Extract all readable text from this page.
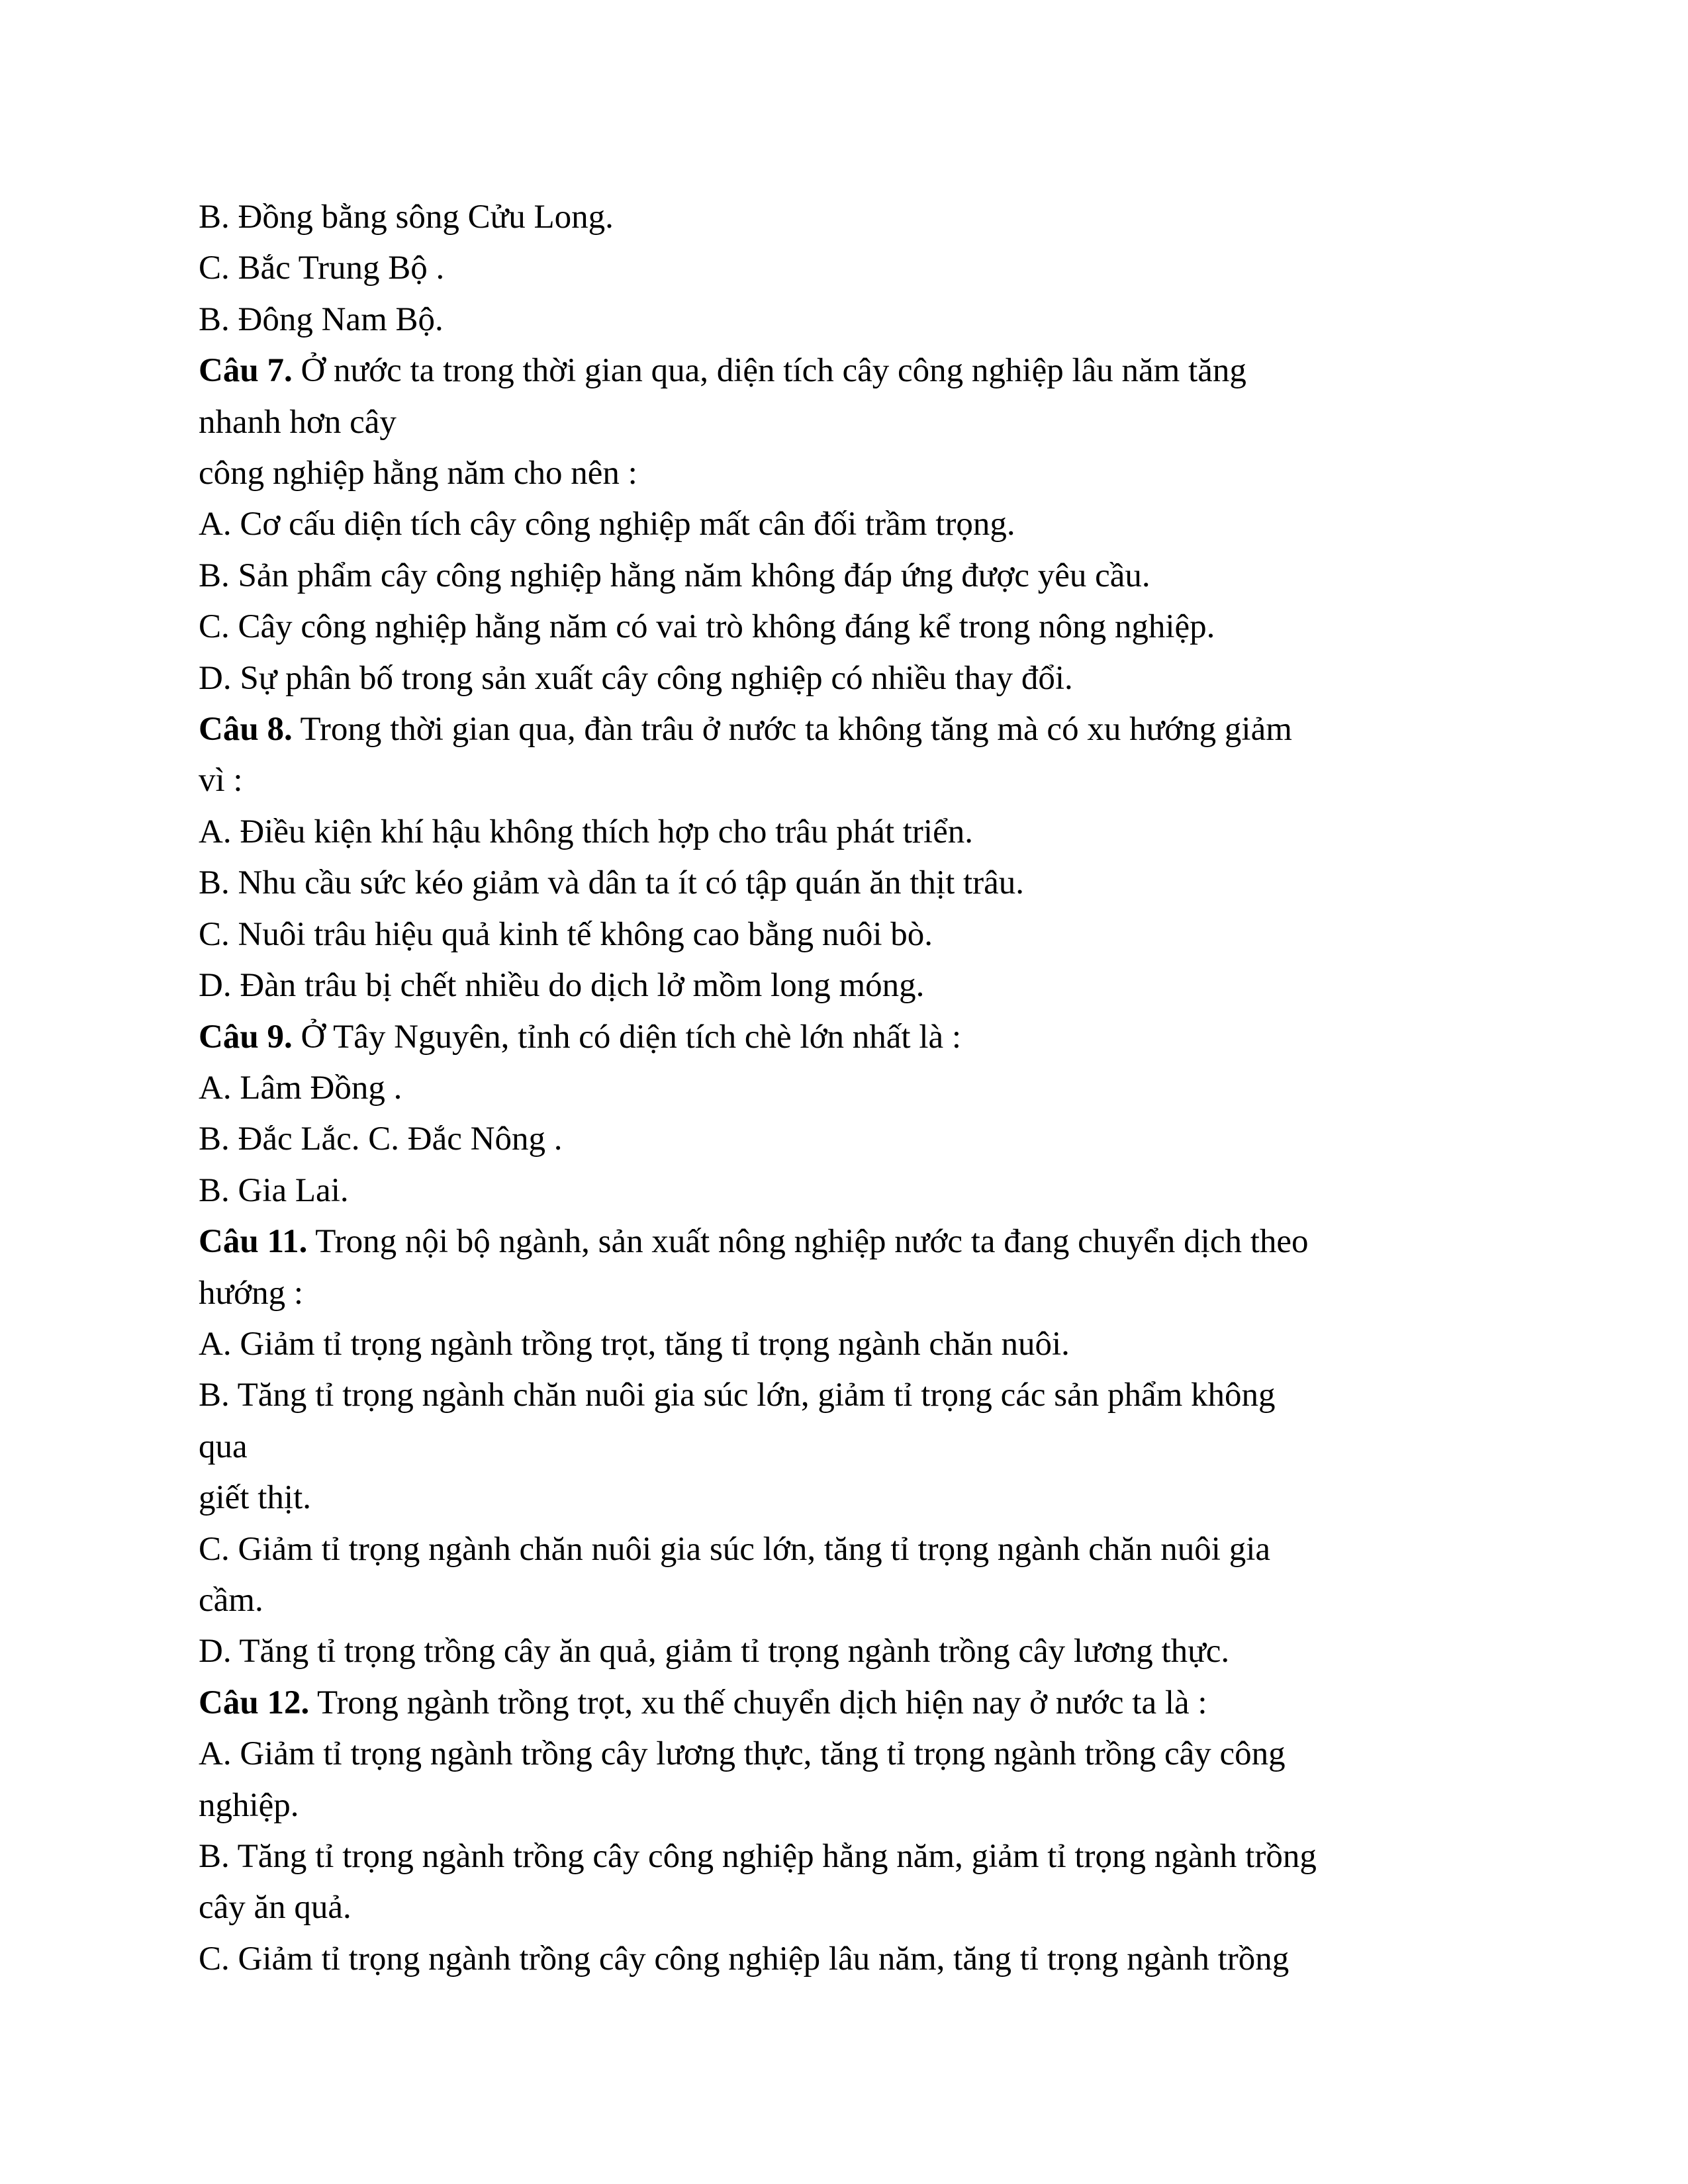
B. Đồng bằng sông Cửu Long.
C. Bắc Trung Bộ .
B. Đông Nam Bộ.
Câu 7. Ở nước ta trong thời gian qua, diện tích cây công nghiệp lâu năm tăng
nhanh hơn cây
công nghiệp hằng năm cho nên :
A. Cơ cấu diện tích cây công nghiệp mất cân đối trầm trọng.
B. Sản phẩm cây công nghiệp hằng năm không đáp ứng được yêu cầu.
C. Cây công nghiệp hằng năm có vai trò không đáng kể trong nông nghiệp.
D. Sự phân bố trong sản xuất cây công nghiệp có nhiều thay đổi.
Câu 8. Trong thời gian qua, đàn trâu ở nước ta không tăng mà có xu hướng giảm
vì :
A. Điều kiện khí hậu không thích hợp cho trâu phát triển.
B. Nhu cầu sức kéo giảm và dân ta ít có tập quán ăn thịt trâu.
C. Nuôi trâu hiệu quả kinh tế không cao bằng nuôi bò.
D. Đàn trâu bị chết nhiều do dịch lở mồm long móng.
Câu 9. Ở Tây Nguyên, tỉnh có diện tích chè lớn nhất là :
A. Lâm Đồng .
B. Đắc Lắc. C. Đắc Nông .
B. Gia Lai.
Câu 11. Trong nội bộ ngành, sản xuất nông nghiệp nước ta đang chuyển dịch theo
hướng :
A. Giảm tỉ trọng ngành trồng trọt, tăng tỉ trọng ngành chăn nuôi.
B. Tăng tỉ trọng ngành chăn nuôi gia súc lớn, giảm tỉ trọng các sản phẩm không
qua
giết thịt.
C. Giảm tỉ trọng ngành chăn nuôi gia súc lớn, tăng tỉ trọng ngành chăn nuôi gia
cầm.
D. Tăng tỉ trọng trồng cây ăn quả, giảm tỉ trọng ngành trồng cây lương thực.
Câu 12. Trong ngành trồng trọt, xu thế chuyển dịch hiện nay ở nước ta là :
A. Giảm tỉ trọng ngành trồng cây lương thực, tăng tỉ trọng ngành trồng cây công
nghiệp.
B. Tăng tỉ trọng ngành trồng cây công nghiệp hằng năm, giảm tỉ trọng ngành trồng
cây ăn quả.
C. Giảm tỉ trọng ngành trồng cây công nghiệp lâu năm, tăng tỉ trọng ngành trồng
